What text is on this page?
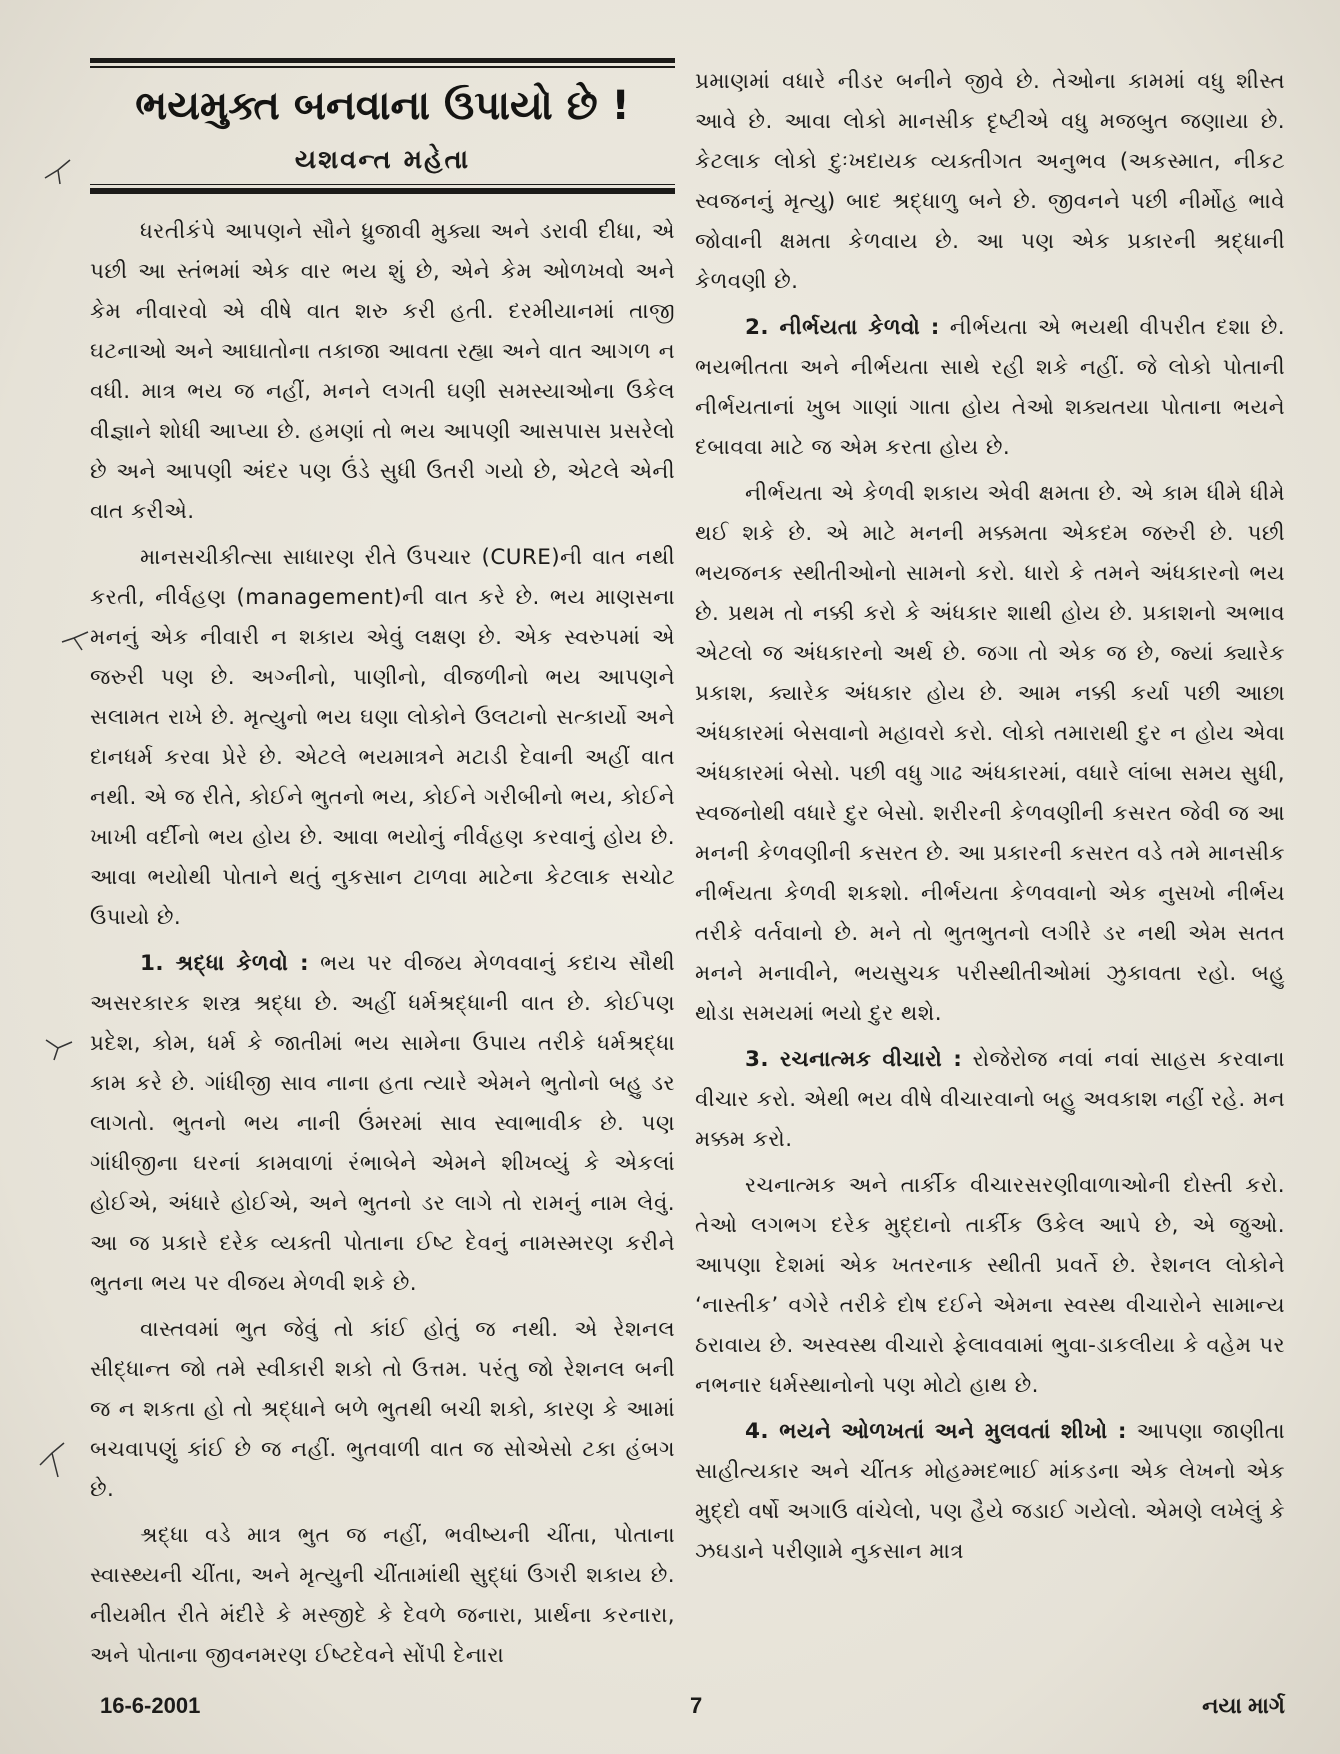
ભયમુક્ત બનવાના ઉપાયો છે !
યશવન્ત મહેતા

ધરતીકંપે આપણને સૌને ધ્રુજાવી મુક્યા અને ડરાવી દીધા, એ પછી આ સ્તંભમાં એક વાર ભય શું છે, એને કેમ ઓળખવો અને કેમ નીવારવો એ વીષે વાત શરુ કરી હતી. દરમીયાનમાં તાજી ઘટનાઓ અને આઘાતોના તકાજા આવતા રહ્યા અને વાત આગળ ન વધી. માત્ર ભય જ નહીં, મનને લગતી ઘણી સમસ્યાઓના ઉકેલ વીજ્ઞાને શોધી આપ્યા છે. હમણાં તો ભય આપણી આસપાસ પ્રસરેલો છે અને આપણી અંદર પણ ઉંડે સુધી ઉતરી ગયો છે, એટલે એની વાત કરીએ.

માનસચીકીત્સા સાધારણ રીતે ઉપચાર (CURE)ની વાત નથી કરતી, નીર્વહણ (management)ની વાત કરે છે. ભય માણસના મનનું એક નીવારી ન શકાય એવું લક્ષણ છે. એક સ્વરુપમાં એ જરુરી પણ છે. અગ્નીનો, પાણીનો, વીજળીનો ભય આપણને સલામત રાખે છે. મૃત્યુનો ભય ઘણા લોકોને ઉલટાનો સત્કાર્યો અને દાનધર્મ કરવા પ્રેરે છે. એટલે ભયમાત્રને મટાડી દેવાની અહીં વાત નથી. એ જ રીતે, કોઈને ભુતનો ભય, કોઈને ગરીબીનો ભય, કોઈને ખાખી વર્દીનો ભય હોય છે. આવા ભયોનું નીર્વહણ કરવાનું હોય છે. આવા ભયોથી પોતાને થતું નુકસાન ટાળવા માટેના કેટલાક સચોટ ઉપાયો છે.

1. શ્રદ્ધા કેળવો : ભય પર વીજય મેળવવાનું કદાચ સૌથી અસરકારક શસ્ત્ર શ્રદ્ધા છે. અહીં ધર્મશ્રદ્ધાની વાત છે. કોઈપણ પ્રદેશ, કોમ, ધર્મ કે જાતીમાં ભય સામેના ઉપાય તરીકે ધર્મશ્રદ્ધા કામ કરે છે. ગાંધીજી સાવ નાના હતા ત્યારે એમને ભુતોનો બહુ ડર લાગતો. ભુતનો ભય નાની ઉંમરમાં સાવ સ્વાભાવીક છે. પણ ગાંધીજીના ઘરનાં કામવાળાં રંભાબેને એમને શીખવ્યું કે એકલાં હોઈએ, અંધારે હોઈએ, અને ભુતનો ડર લાગે તો રામનું નામ લેવું. આ જ પ્રકારે દરેક વ્યક્તી પોતાના ઈષ્ટ દેવનું નામસ્મરણ કરીને ભુતના ભય પર વીજય મેળવી શકે છે.

વાસ્તવમાં ભુત જેવું તો કાંઈ હોતું જ નથી. એ રેશનલ સીદ્ધાન્ત જો તમે સ્વીકારી શકો તો ઉત્તમ. પરંતુ જો રેશનલ બની જ ન શકતા હો તો શ્રદ્ધાને બળે ભુતથી બચી શકો, કારણ કે આમાં બચવાપણું કાંઈ છે જ નહીં. ભુતવાળી વાત જ સોએસો ટકા હંબગ છે.

શ્રદ્ધા વડે માત્ર ભુત જ નહીં, ભવીષ્યની ચીંતા, પોતાના સ્વાસ્થ્યની ચીંતા, અને મૃત્યુની ચીંતામાંથી સુદ્ધાં ઉગરી શકાય છે. નીયમીત રીતે મંદીરે કે મસ્જીદે કે દેવળે જનારા, પ્રાર્થના કરનારા, અને પોતાના જીવનમરણ ઈષ્ટદેવને સોંપી દેનારા

પ્રમાણમાં વધારે નીડર બનીને જીવે છે. તેઓના કામમાં વધુ શીસ્ત આવે છે. આવા લોકો માનસીક દૃષ્ટીએ વધુ મજબુત જણાયા છે. કેટલાક લોકો દુઃખદાયક વ્યક્તીગત અનુભવ (અકસ્માત, નીકટ સ્વજનનું મૃત્યુ) બાદ શ્રદ્ધાળુ બને છે. જીવનને પછી નીર્મોહ ભાવે જોવાની ક્ષમતા કેળવાય છે. આ પણ એક પ્રકારની શ્રદ્ધાની કેળવણી છે.

2. નીર્ભયતા કેળવો : નીર્ભયતા એ ભયથી વીપરીત દશા છે. ભયભીતતા અને નીર્ભયતા સાથે રહી શકે નહીં. જે લોકો પોતાની નીર્ભયતાનાં ખુબ ગાણાં ગાતા હોય તેઓ શક્યતયા પોતાના ભયને દબાવવા માટે જ એમ કરતા હોય છે.

નીર્ભયતા એ કેળવી શકાય એવી ક્ષમતા છે. એ કામ ધીમે ધીમે થઈ શકે છે. એ માટે મનની મક્કમતા એકદમ જરુરી છે. પછી ભયજનક સ્થીતીઓનો સામનો કરો. ધારો કે તમને અંધકારનો ભય છે. પ્રથમ તો નક્કી કરો કે અંધકાર શાથી હોય છે. પ્રકાશનો અભાવ એટલો જ અંધકારનો અર્થ છે. જગા તો એક જ છે, જ્યાં ક્યારેક પ્રકાશ, ક્યારેક અંધકાર હોય છે. આમ નક્કી કર્યા પછી આછા અંધકારમાં બેસવાનો મહાવરો કરો. લોકો તમારાથી દુર ન હોય એવા અંધકારમાં બેસો. પછી વધુ ગાઢ અંધકારમાં, વધારે લાંબા સમય સુધી, સ્વજનોથી વધારે દુર બેસો. શરીરની કેળવણીની કસરત જેવી જ આ મનની કેળવણીની કસરત છે. આ પ્રકારની કસરત વડે તમે માનસીક નીર્ભયતા કેળવી શકશો. નીર્ભયતા કેળવવાનો એક નુસખો નીર્ભય તરીકે વર્તવાનો છે. મને તો ભુતભુતનો લગીરે ડર નથી એમ સતત મનને મનાવીને, ભયસુચક પરીસ્થીતીઓમાં ઝુકાવતા રહો. બહુ થોડા સમયમાં ભયો દુર થશે.

3. રચનાત્મક વીચારો : રોજેરોજ નવાં નવાં સાહસ કરવાના વીચાર કરો. એથી ભય વીષે વીચારવાનો બહુ અવકાશ નહીં રહે. મન મક્કમ કરો.

રચનાત્મક અને તાર્કીક વીચારસરણીવાળાઓની દોસ્તી કરો. તેઓ લગભગ દરેક મુદ્દાનો તાર્કીક ઉકેલ આપે છે, એ જુઓ. આપણા દેશમાં એક ખતરનાક સ્થીતી પ્રવર્તે છે. રેશનલ લોકોને ‘નાસ્તીક’ વગેરે તરીકે દોષ દઈને એમના સ્વસ્થ વીચારોને સામાન્ય ઠરાવાય છે. અસ્વસ્થ વીચારો ફેલાવવામાં ભુવા-ડાકલીયા કે વહેમ પર નભનાર ધર્મસ્થાનોનો પણ મોટો હાથ છે.

4. ભયને ઓળખતાં અને મુલવતાં શીખો : આપણા જાણીતા સાહીત્યકાર અને ચીંતક મોહમ્મદભાઈ માંકડના એક લેખનો એક મુદ્દો વર્ષો અગાઉ વાંચેલો, પણ હૈયે જડાઈ ગયેલો. એમણે લખેલું કે ઝઘડાને પરીણામે નુકસાન માત્ર

16-6-2001	7	નયા માર્ગ
